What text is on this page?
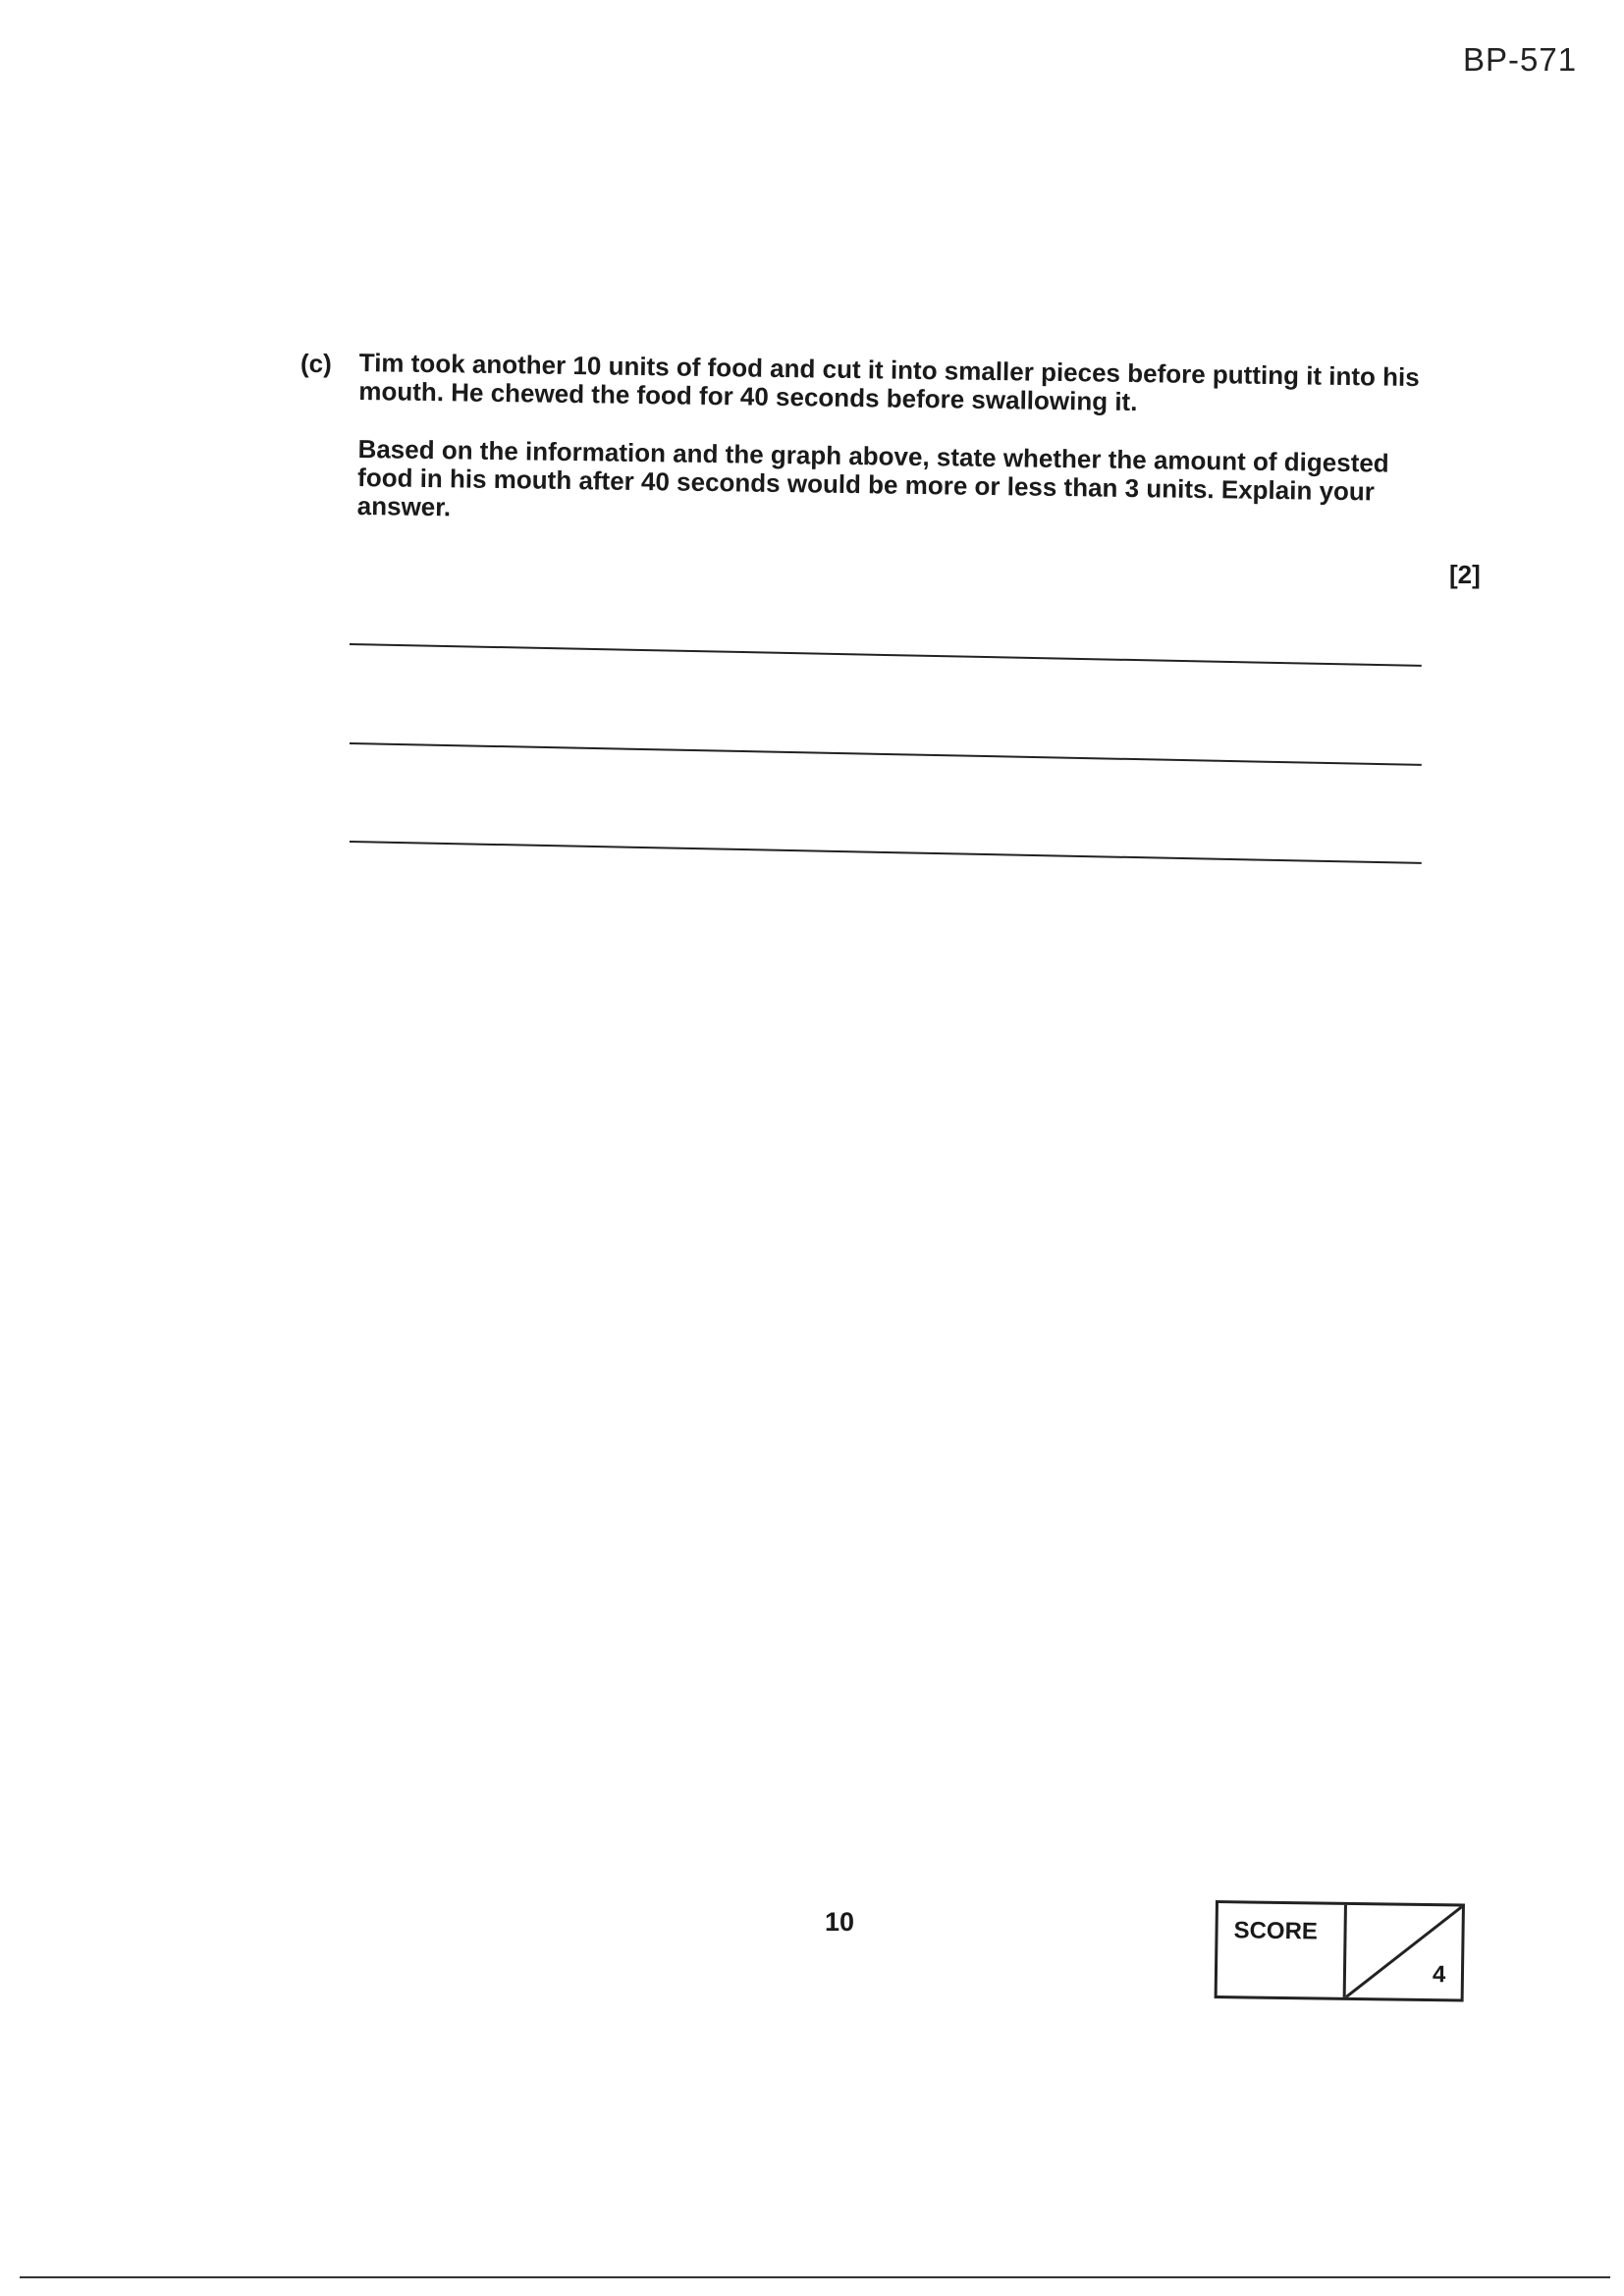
BP-571
(c) Tim took another 10 units of food and cut it into smaller pieces before putting it into his mouth. He chewed the food for 40 seconds before swallowing it.

Based on the information and the graph above, state whether the amount of digested food in his mouth after 40 seconds would be more or less than 3 units. Explain your answer.

[2]
10	SCORE
4
